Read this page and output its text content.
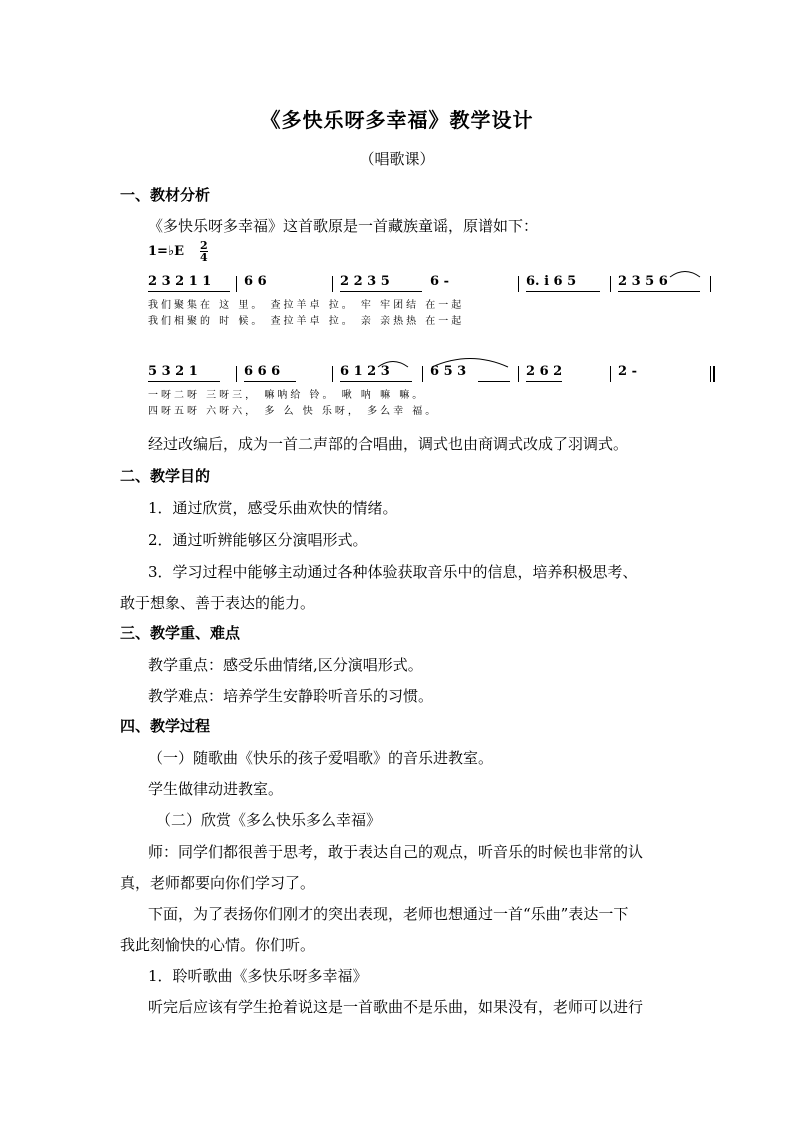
《多快乐呀多幸福》教学设计
（唱歌课）
一、教材分析
《多快乐呀多幸福》这首歌原是一首藏族童谣，原谱如下：
1=♭E 2
4
2 3 2 1 1	6 6	2 2 3 5	6 -	6. i 6 5	2 3 5 6
我们聚集在 这 里。 查拉羊卓 拉。 牢 牢团结 在一起
我们相聚的 时 候。 查拉羊卓 拉。 亲 亲热热 在一起
5 3 2 1	6 6 6	6 1 2 3	6 5 3	2 6 2	2 -
一呀二呀 三呀三， 嘛呐给 铃。 啾 呐 嘛 嘛。
四呀五呀 六呀六， 多 么 快 乐呀， 多么幸 福。
经过改编后，成为一首二声部的合唱曲，调式也由商调式改成了羽调式。
二、教学目的
1．通过欣赏，感受乐曲欢快的情绪。
2．通过听辨能够区分演唱形式。
3．学习过程中能够主动通过各种体验获取音乐中的信息，培养积极思考、
敢于想象、善于表达的能力。
三、教学重、难点
教学重点：感受乐曲情绪,区分演唱形式。
教学难点：培养学生安静聆听音乐的习惯。
四、教学过程
（一）随歌曲《快乐的孩子爱唱歌》的音乐进教室。
学生做律动进教室。
（二）欣赏《多么快乐多么幸福》
师：同学们都很善于思考，敢于表达自己的观点，听音乐的时候也非常的认
真，老师都要向你们学习了。
下面，为了表扬你们刚才的突出表现，老师也想通过一首“乐曲”表达一下
我此刻愉快的心情。你们听。
1．聆听歌曲《多快乐呀多幸福》
听完后应该有学生抢着说这是一首歌曲不是乐曲，如果没有，老师可以进行
